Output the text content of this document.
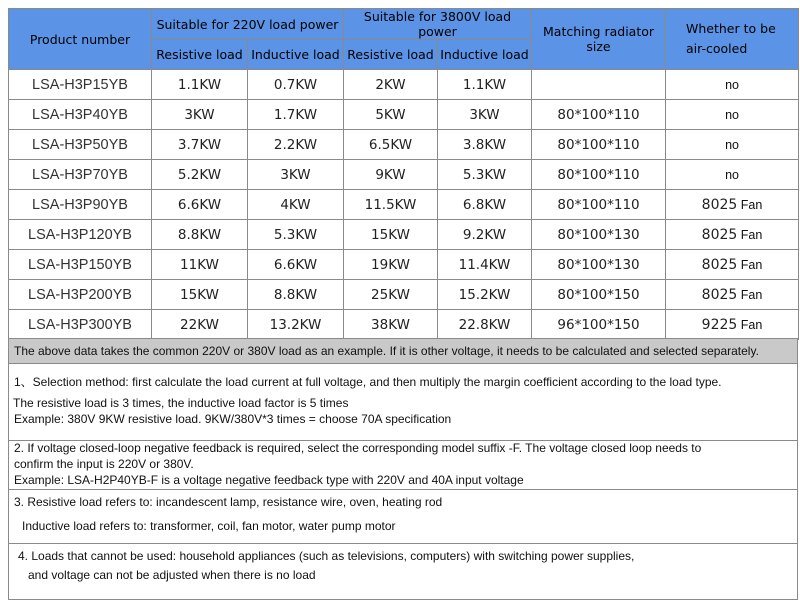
Product number	Suitable for 220V load power		Suitable for 3800V load power		Matching radiator size	Whether to be air-cooled
	Resistive load	Inductive load	Resistive load	Inductive load		
LSA-H3P15YB	1.1KW	0.7KW	2KW	1.1KW		no
LSA-H3P40YB	3KW	1.7KW	5KW	3KW	80*100*110	no
LSA-H3P50YB	3.7KW	2.2KW	6.5KW	3.8KW	80*100*110	no
LSA-H3P70YB	5.2KW	3KW	9KW	5.3KW	80*100*110	no
LSA-H3P90YB	6.6KW	4KW	11.5KW	6.8KW	80*100*110	8025 Fan
LSA-H3P120YB	8.8KW	5.3KW	15KW	9.2KW	80*100*130	8025 Fan
LSA-H3P150YB	11KW	6.6KW	19KW	11.4KW	80*100*130	8025 Fan
LSA-H3P200YB	15KW	8.8KW	25KW	15.2KW	80*100*150	8025 Fan
LSA-H3P300YB	22KW	13.2KW	38KW	22.8KW	96*100*150	9225 Fan
The above data takes the common 220V or 380V load as an example. If it is other voltage, it needs to be calculated and selected separately.
1、Selection method: first calculate the load current at full voltage, and then multiply the margin coefficient according to the load type.
The resistive load is 3 times, the inductive load factor is 5 times
Example: 380V 9KW resistive load. 9KW/380V*3 times = choose 70A specification
2. If voltage closed-loop negative feedback is required, select the corresponding model suffix -F. The voltage closed loop needs to
confirm the input is 220V or 380V.
Example: LSA-H2P40YB-F is a voltage negative feedback type with 220V and 40A input voltage
3. Resistive load refers to: incandescent lamp, resistance wire, oven, heating rod
Inductive load refers to: transformer, coil, fan motor, water pump motor
4. Loads that cannot be used: household appliances (such as televisions, computers) with switching power supplies,
and voltage can not be adjusted when there is no load
